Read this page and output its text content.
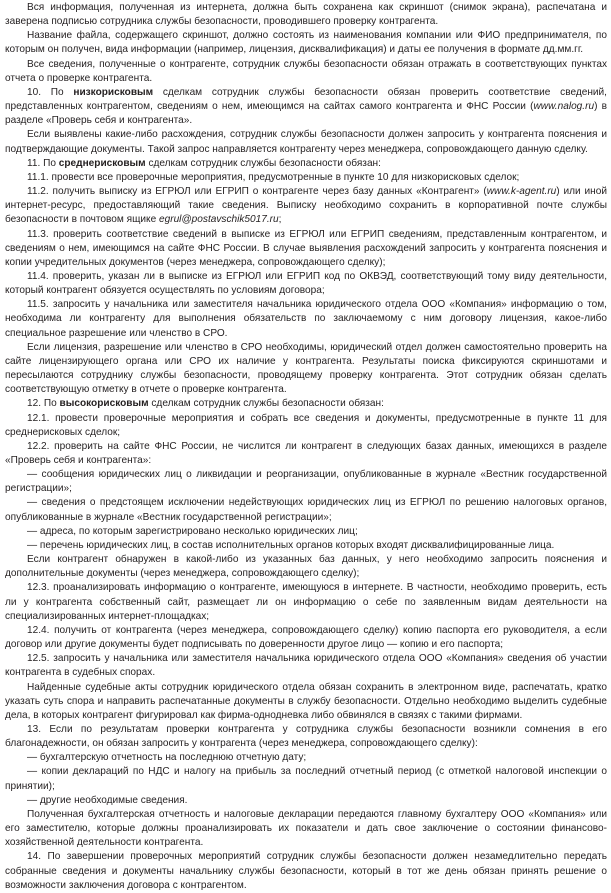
Вся информация, полученная из интернета, должна быть сохранена как скриншот (снимок экрана), распечатана и заверена подписью сотрудника службы безопасности, проводившего проверку контрагента.

Название файла, содержащего скриншот, должно состоять из наименования компании или ФИО предпринимателя, по которым он получен, вида информации (например, лицензия, дисквалификация) и даты ее получения в формате дд.мм.гг.

Все сведения, полученные о контрагенте, сотрудник службы безопасности обязан отражать в соответствующих пунктах отчета о проверке контрагента.

10. По низкорисковым сделкам сотрудник службы безопасности обязан проверить соответствие сведений, представленных контрагентом, сведениям о нем, имеющимся на сайтах самого контрагента и ФНС России (www.nalog.ru) в разделе «Проверь себя и контрагента».

Если выявлены какие-либо расхождения, сотрудник службы безопасности должен запросить у контрагента пояснения и подтверждающие документы. Такой запрос направляется контрагенту через менеджера, сопровождающего данную сделку.

11. По среднерисковым сделкам сотрудник службы безопасности обязан:

11.1. провести все проверочные мероприятия, предусмотренные в пункте 10 для низкорисковых сделок;

11.2. получить выписку из ЕГРЮЛ или ЕГРИП о контрагенте через базу данных «Контрагент» (www.k-agent.ru) или иной интернет-ресурс, предоставляющий такие сведения. Выписку необходимо сохранить в корпоративной почте службы безопасности в почтовом ящике egrul@postavschik5017.ru;

11.3. проверить соответствие сведений в выписке из ЕГРЮЛ или ЕГРИП сведениям, представленным контрагентом, и сведениям о нем, имеющимся на сайте ФНС России. В случае выявления расхождений запросить у контрагента пояснения и копии учредительных документов (через менеджера, сопровождающего сделку);

11.4. проверить, указан ли в выписке из ЕГРЮЛ или ЕГРИП код по ОКВЭД, соответствующий тому виду деятельности, который контрагент обязуется осуществлять по условиям договора;

11.5. запросить у начальника или заместителя начальника юридического отдела ООО «Компания» информацию о том, необходима ли контрагенту для выполнения обязательств по заключаемому с ним договору лицензия, какое-либо специальное разрешение или членство в СРО.

Если лицензия, разрешение или членство в СРО необходимы, юридический отдел должен самостоятельно проверить на сайте лицензирующего органа или СРО их наличие у контрагента. Результаты поиска фиксируются скриншотами и пересылаются сотруднику службы безопасности, проводящему проверку контрагента. Этот сотрудник обязан сделать соответствующую отметку в отчете о проверке контрагента.

12. По высокорисковым сделкам сотрудник службы безопасности обязан:

12.1. провести проверочные мероприятия и собрать все сведения и документы, предусмотренные в пункте 11 для среднерисковых сделок;

12.2. проверить на сайте ФНС России, не числится ли контрагент в следующих базах данных, имеющихся в разделе «Проверь себя и контрагента»:

— сообщения юридических лиц о ликвидации и реорганизации, опубликованные в журнале «Вестник государственной регистрации»;

— сведения о предстоящем исключении недействующих юридических лиц из ЕГРЮЛ по решению налоговых органов, опубликованные в журнале «Вестник государственной регистрации»;

— адреса, по которым зарегистрировано несколько юридических лиц;

— перечень юридических лиц, в состав исполнительных органов которых входят дисквалифицированные лица.

Если контрагент обнаружен в какой-либо из указанных баз данных, у него необходимо запросить пояснения и дополнительные документы (через менеджера, сопровождающего сделку);

12.3. проанализировать информацию о контрагенте, имеющуюся в интернете. В частности, необходимо проверить, есть ли у контрагента собственный сайт, размещает ли он информацию о себе по заявленным видам деятельности на специализированных интернет-площадках;

12.4. получить от контрагента (через менеджера, сопровождающего сделку) копию паспорта его руководителя, а если договор или другие документы будет подписывать по доверенности другое лицо — копию и его паспорта;

12.5. запросить у начальника или заместителя начальника юридического отдела ООО «Компания» сведения об участии контрагента в судебных спорах.

Найденные судебные акты сотрудник юридического отдела обязан сохранить в электронном виде, распечатать, кратко указать суть спора и направить распечатанные документы в службу безопасности. Отдельно необходимо выделить судебные дела, в которых контрагент фигурировал как фирма-однодневка либо обвинялся в связях с такими фирмами.

13. Если по результатам проверки контрагента у сотрудника службы безопасности возникли сомнения в его благонадежности, он обязан запросить у контрагента (через менеджера, сопровождающего сделку):

— бухгалтерскую отчетность на последнюю отчетную дату;

— копии деклараций по НДС и налогу на прибыль за последний отчетный период (с отметкой налоговой инспекции о принятии);

— другие необходимые сведения.

Полученная бухгалтерская отчетность и налоговые декларации передаются главному бухгалтеру ООО «Компания» или его заместителю, которые должны проанализировать их показатели и дать свое заключение о состоянии финансово-хозяйственной деятельности контрагента.

14. По завершении проверочных мероприятий сотрудник службы безопасности должен незамедлительно передать собранные сведения и документы начальнику службы безопасности, который в тот же день обязан принять решение о возможности заключения договора с контрагентом.
